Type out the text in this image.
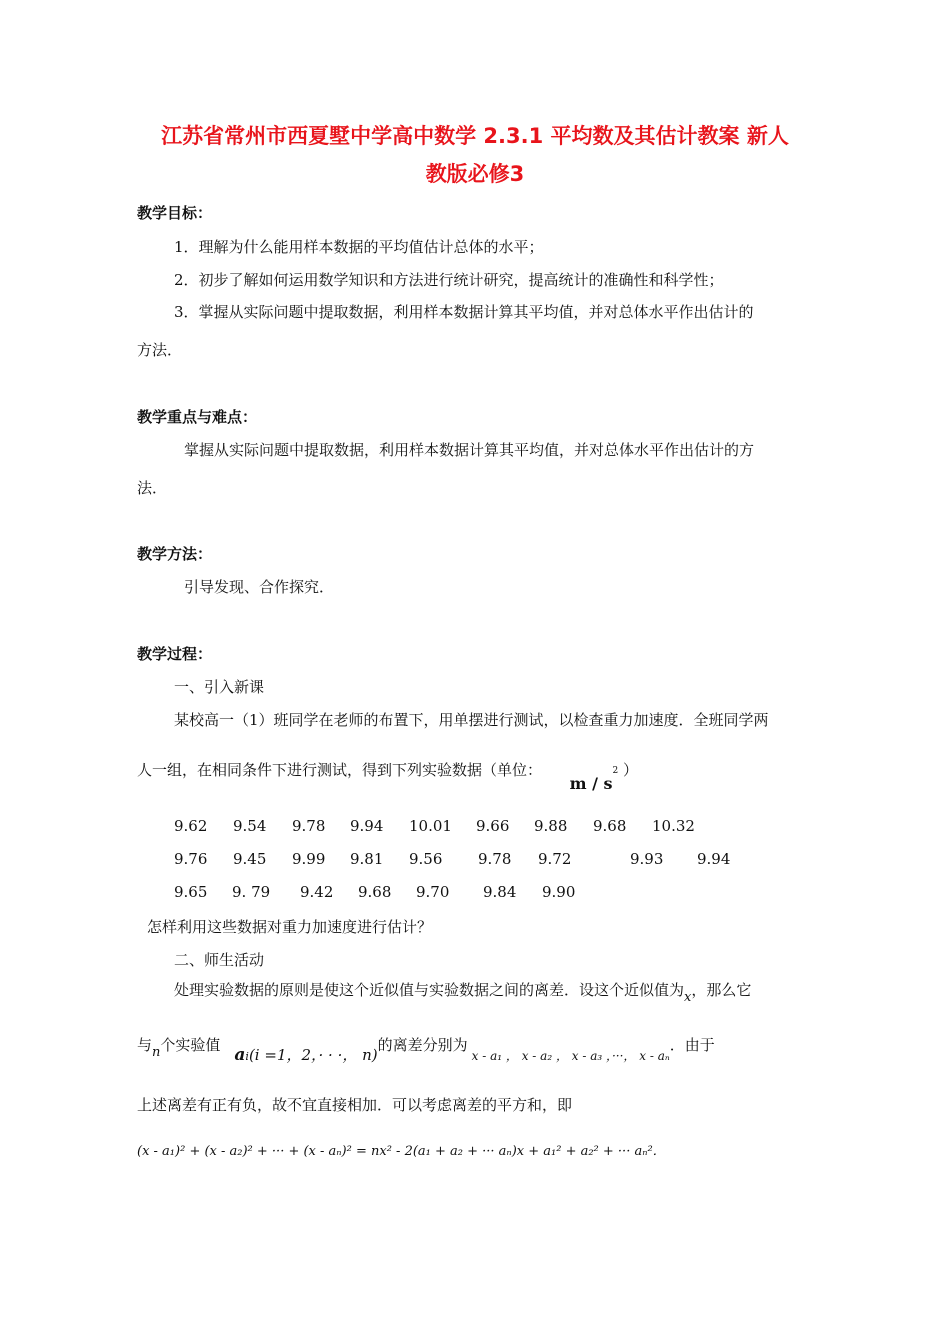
江苏省常州市西夏墅中学高中数学 2.3.1 平均数及其估计教案 新人
教版必修3
教学目标：
1．理解为什么能用样本数据的平均值估计总体的水平；
2．初步了解如何运用数学知识和方法进行统计研究，提高统计的准确性和科学性；
3．掌握从实际问题中提取数据，利用样本数据计算其平均值，并对总体水平作出估计的
方法．
教学重点与难点：
掌握从实际问题中提取数据，利用样本数据计算其平均值，并对总体水平作出估计的方
法．
教学方法：
引导发现、合作探究．
教学过程：
一、引入新课
某校高一（1）班同学在老师的布置下，用单摆进行测试，以检查重力加速度．全班同学两
人一组，在相同条件下进行测试，得到下列实验数据（单位：  m / $s^2$ ）
9.62 9.54 9.78 9.94 10.01 9.66 9.88 9.68 10.32
9.76 9.45 9.99 9.81 9.56 9.78 9.72	9.93 9.94
9.65 9. 79 9.42 9.68 9.70 9.84 9.90
怎样利用这些数据对重力加速度进行估计？
二、师生活动
处理实验数据的原则是使这个近似值与实验数据之间的离差．设这个近似值为x，那么它
与n个实验值 $a_i(i =1$，2，· · ·， n)的离差分别为$_{x - a_1 , x - a_2 , x - a_3 ,\cdot\cdot\cdot, x - a_n}$．由于
上述离差有正有负，故不宜直接相加．可以考虑离差的平方和，即
(x - a₁)² + (x - a₂)² + ··· + (x - aₙ)² = nx² - 2(a₁ + a₂ + ··· aₙ)x + a₁² + a₂² + ··· aₙ²．
